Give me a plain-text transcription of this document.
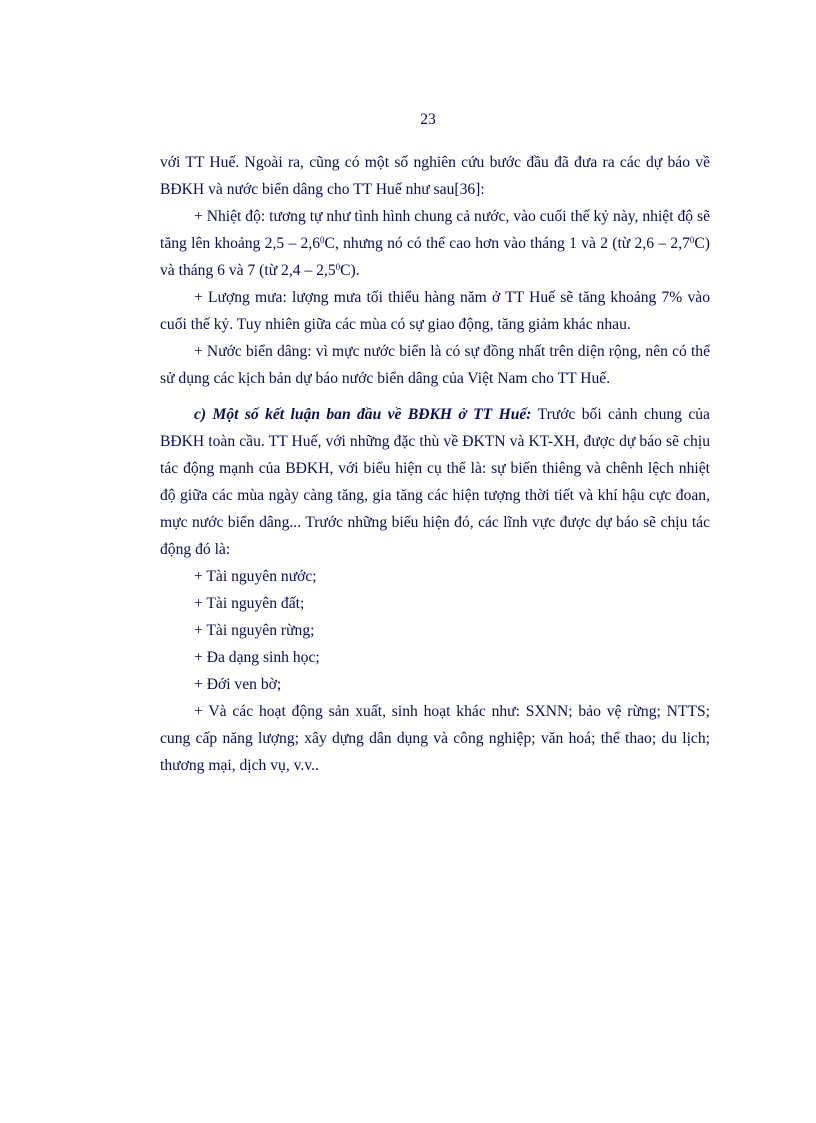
23

với TT Huế. Ngoài ra, cũng có một số nghiên cứu bước đầu đã đưa ra các dự báo về BĐKH và nước biển dâng cho TT Huế như sau[36]:

+ Nhiệt độ: tương tự như tình hình chung cả nước, vào cuối thế kỷ này, nhiệt độ sẽ tăng lên khoảng $2,5 - 2,6^0C$, nhưng nó có thể cao hơn vào tháng 1 và 2 (từ $2,6 - 2,7^0C$) và tháng 6 và 7 (từ $2,4 - 2,5^0C$).

+ Lượng mưa: lượng mưa tối thiểu hàng năm ở TT Huế sẽ tăng khoảng 7% vào cuối thế kỷ. Tuy nhiên giữa các mùa có sự giao động, tăng giảm khác nhau.

+ Nước biển dâng: vì mực nước biển là có sự đồng nhất trên diện rộng, nên có thể sử dụng các kịch bản dự báo nước biển dâng của Việt Nam cho TT Huế.

c) Một số kết luận ban đầu về BĐKH ở TT Huế: Trước bối cảnh chung của BĐKH toàn cầu. TT Huế, với những đặc thù về ĐKTN và KT-XH, được dự báo sẽ chịu tác động mạnh của BĐKH, với biểu hiện cụ thể là: sự biến thiêng và chênh lệch nhiệt độ giữa các mùa ngày càng tăng, gia tăng các hiện tượng thời tiết và khí hậu cực đoan, mực nước biển dâng... Trước những biểu hiện đó, các lĩnh vực được dự báo sẽ chịu tác động đó là:

+ Tài nguyên nước;

+ Tài nguyên đất;

+ Tài nguyên rừng;

+ Đa dạng sinh học;

+ Đới ven bờ;

+ Và các hoạt động sản xuất, sinh hoạt khác như: SXNN; bảo vệ rừng; NTTS; cung cấp năng lượng; xây dựng dân dụng và công nghiệp; văn hoá; thể thao; du lịch; thương mại, dịch vụ, v.v..
